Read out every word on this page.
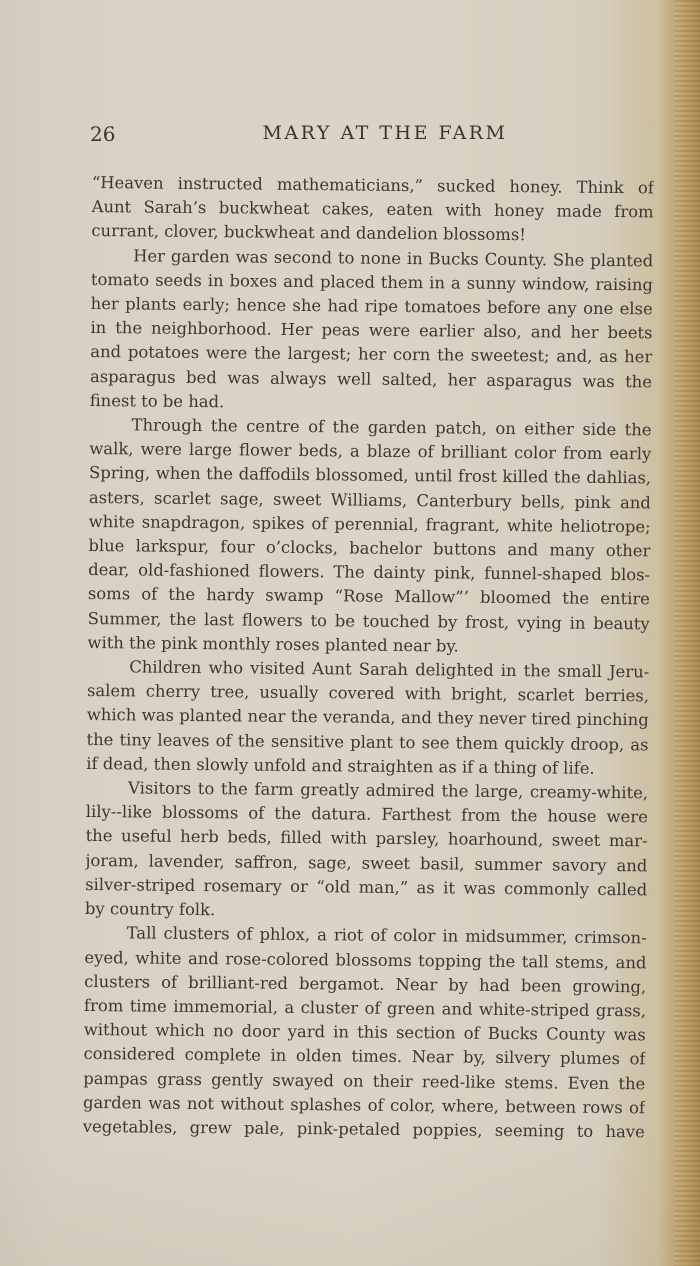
26	MARY AT THE FARM
“Heaven instructed mathematicians,” sucked honey. Think of
Aunt Sarah’s buckwheat cakes, eaten with honey made from
currant, clover, buckwheat and dandelion blossoms!
Her garden was second to none in Bucks County. She planted
tomato seeds in boxes and placed them in a sunny window, raising
her plants early; hence she had ripe tomatoes before any one else
in the neighborhood. Her peas were earlier also, and her beets
and potatoes were the largest; her corn the sweetest; and, as her
asparagus bed was always well salted, her asparagus was the
finest to be had.
Through the centre of the garden patch, on either side the
walk, were large flower beds, a blaze of brilliant color from early
Spring, when the daffodils blossomed, until frost killed the dahlias,
asters, scarlet sage, sweet Williams, Canterbury bells, pink and
white snapdragon, spikes of perennial, fragrant, white heliotrope;
blue larkspur, four o’clocks, bachelor buttons and many other
dear, old-fashioned flowers. The dainty pink, funnel-shaped blos-
soms of the hardy swamp “Rose Mallow”’ bloomed the entire
Summer, the last flowers to be touched by frost, vying in beauty
with the pink monthly roses planted near by.
Children who visited Aunt Sarah delighted in the small Jeru-
salem cherry tree, usually covered with bright, scarlet berries,
which was planted near the veranda, and they never tired pinching
the tiny leaves of the sensitive plant to see them quickly droop, as
if dead, then slowly unfold and straighten as if a thing of life.
Visitors to the farm greatly admired the large, creamy-white,
lily--like blossoms of the datura. Farthest from the house were
the useful herb beds, filled with parsley, hoarhound, sweet mar-
joram, lavender, saffron, sage, sweet basil, summer savory and
silver-striped rosemary or “old man,” as it was commonly called
by country folk.
Tall clusters of phlox, a riot of color in midsummer, crimson-
eyed, white and rose-colored blossoms topping the tall stems, and
clusters of brilliant-red bergamot. Near by had been growing,
from time immemorial, a cluster of green and white-striped grass,
without which no door yard in this section of Bucks County was
considered complete in olden times. Near by, silvery plumes of
pampas grass gently swayed on their reed-like stems. Even the
garden was not without splashes of color, where, between rows of
vegetables, grew pale, pink-petaled poppies, seeming to have
